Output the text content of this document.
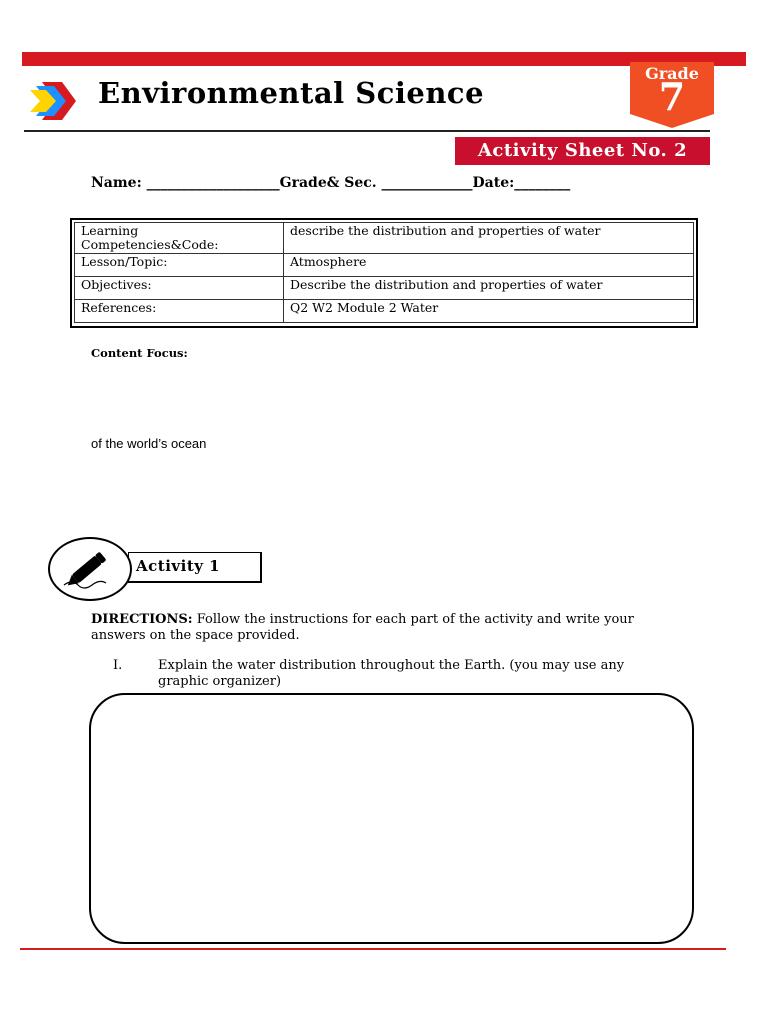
Environmental Science
Grade
7
Activity Sheet No. 2
Name: ___________________Grade& Sec. _____________Date:________
Learning Competencies&Code:	describe the distribution and properties of water
Lesson/Topic:	Atmosphere
Objectives:	Describe the distribution and properties of water
References:	Q2 W2 Module 2 Water
Content Focus:
of the world’s ocean
Activity 1
DIRECTIONS: Follow the instructions for each part of the activity and write your answers on the space provided.
I.	Explain the water distribution throughout the Earth. (you may use any graphic organizer)
